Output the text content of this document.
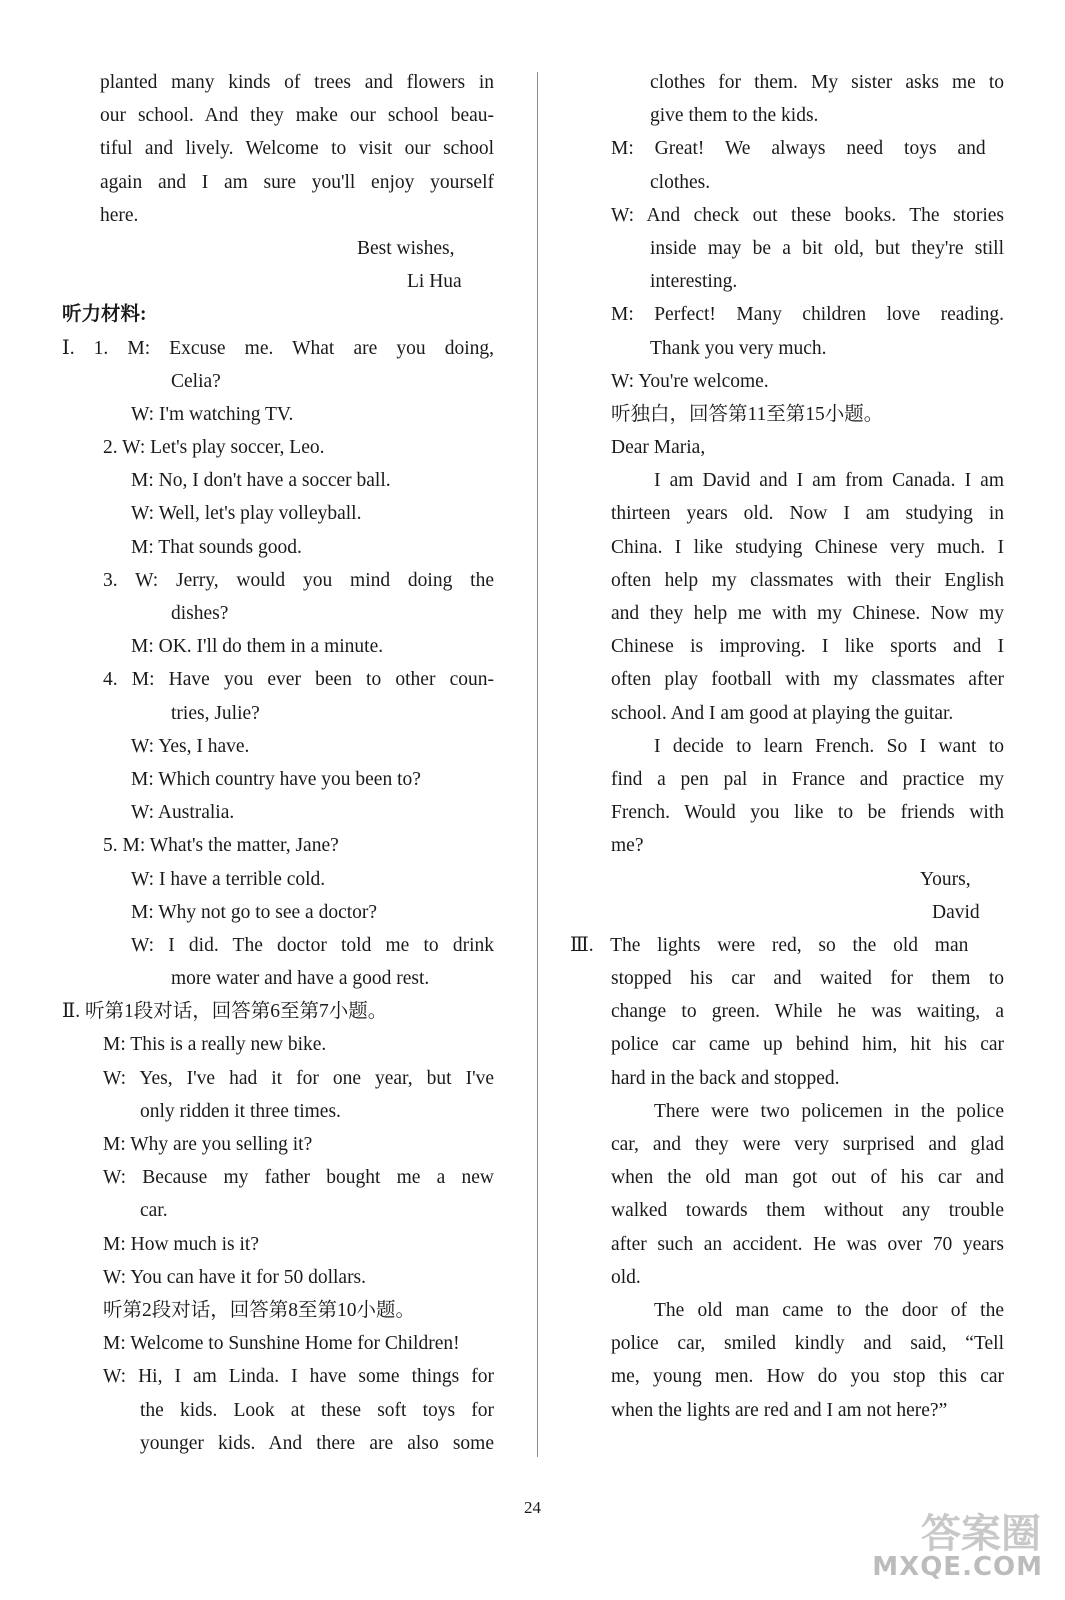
planted many kinds of trees and flowers in
our school. And they make our school beau-
tiful and lively. Welcome to visit our school
again and I am sure you'll enjoy yourself
here.
Best wishes,
Li Hua
听力材料:
Ⅰ. 1. M: Excuse me. What are you doing,
Celia?
W: I'm watching TV.
2. W: Let's play soccer, Leo.
M: No, I don't have a soccer ball.
W: Well, let's play volleyball.
M: That sounds good.
3. W: Jerry, would you mind doing the
dishes?
M: OK. I'll do them in a minute.
4. M: Have you ever been to other coun-
tries, Julie?
W: Yes, I have.
M: Which country have you been to?
W: Australia.
5. M: What's the matter, Jane?
W: I have a terrible cold.
M: Why not go to see a doctor?
W: I did. The doctor told me to drink
more water and have a good rest.
Ⅱ. 听第1段对话，回答第6至第7小题。
M: This is a really new bike.
W: Yes, I've had it for one year, but I've
only ridden it three times.
M: Why are you selling it?
W: Because my father bought me a new
car.
M: How much is it?
W: You can have it for 50 dollars.
听第2段对话，回答第8至第10小题。
M: Welcome to Sunshine Home for Children!
W: Hi, I am Linda. I have some things for
the kids. Look at these soft toys for
younger kids. And there are also some
clothes for them. My sister asks me to
give them to the kids.
M: Great! We always need toys and
clothes.
W: And check out these books. The stories
inside may be a bit old, but they're still
interesting.
M: Perfect! Many children love reading.
Thank you very much.
W: You're welcome.
听独白，回答第11至第15小题。
Dear Maria,
I am David and I am from Canada. I am
thirteen years old. Now I am studying in
China. I like studying Chinese very much. I
often help my classmates with their English
and they help me with my Chinese. Now my
Chinese is improving. I like sports and I
often play football with my classmates after
school. And I am good at playing the guitar.
I decide to learn French. So I want to
find a pen pal in France and practice my
French. Would you like to be friends with
me?
Yours,
David
Ⅲ. The lights were red, so the old man
stopped his car and waited for them to
change to green. While he was waiting, a
police car came up behind him, hit his car
hard in the back and stopped.
There were two policemen in the police
car, and they were very surprised and glad
when the old man got out of his car and
walked towards them without any trouble
after such an accident. He was over 70 years
old.
The old man came to the door of the
police car, smiled kindly and said, “Tell
me, young men. How do you stop this car
when the lights are red and I am not here?”
24
答案圈
MXQE.COM
